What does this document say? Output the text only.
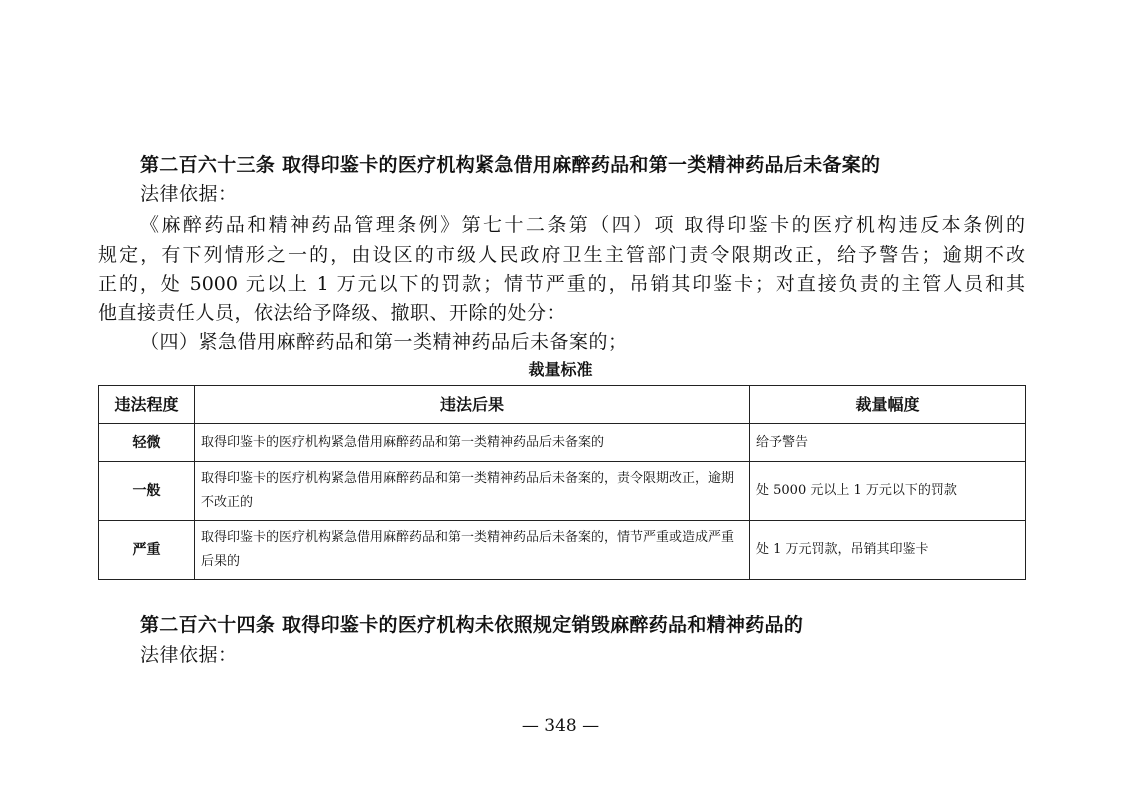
第二百六十三条 取得印鉴卡的医疗机构紧急借用麻醉药品和第一类精神药品后未备案的
法律依据：
《麻醉药品和精神药品管理条例》第七十二条第（四）项 取得印鉴卡的医疗机构违反本条例的
规定，有下列情形之一的，由设区的市级人民政府卫生主管部门责令限期改正，给予警告；逾期不改
正的，处 5000 元以上 1 万元以下的罚款；情节严重的，吊销其印鉴卡；对直接负责的主管人员和其
他直接责任人员，依法给予降级、撤职、开除的处分：
（四）紧急借用麻醉药品和第一类精神药品后未备案的；
裁量标准
违法程度	违法后果	裁量幅度
轻微	取得印鉴卡的医疗机构紧急借用麻醉药品和第一类精神药品后未备案的	给予警告
一般	取得印鉴卡的医疗机构紧急借用麻醉药品和第一类精神药品后未备案的，责令限期改正，逾期不改正的	处 5000 元以上 1 万元以下的罚款
严重	取得印鉴卡的医疗机构紧急借用麻醉药品和第一类精神药品后未备案的，情节严重或造成严重后果的	处 1 万元罚款，吊销其印鉴卡
第二百六十四条 取得印鉴卡的医疗机构未依照规定销毁麻醉药品和精神药品的
法律依据：
— 348 —
